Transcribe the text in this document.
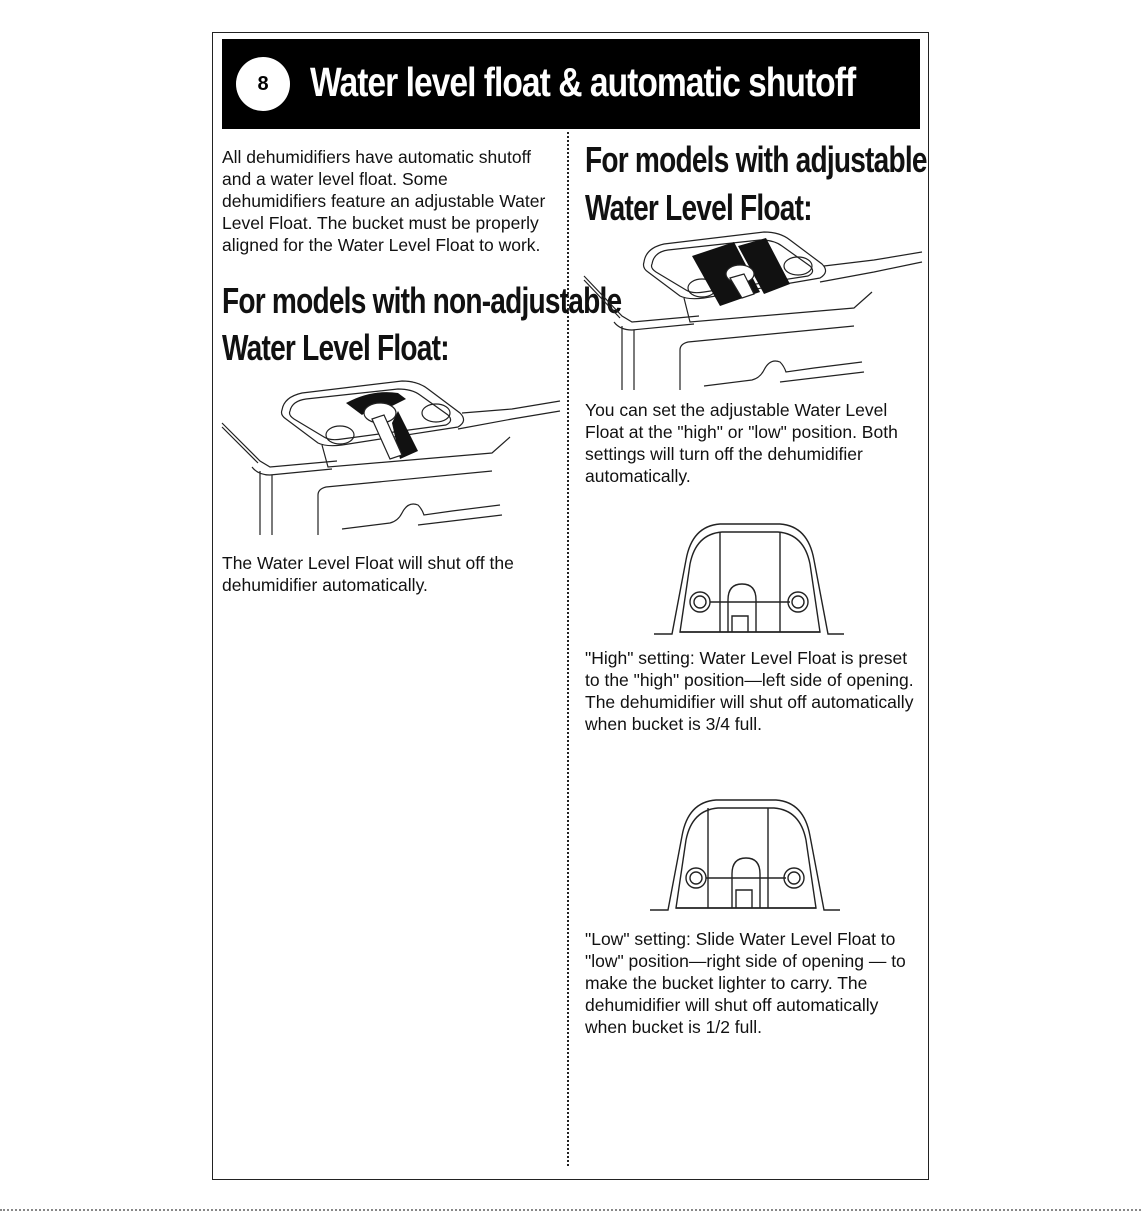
8	Water level float & automatic shutoff

All dehumidifiers have automatic shutoff and a water level float. Some dehumidifiers feature an adjustable Water Level Float. The bucket must be properly aligned for the Water Level Float to work.

For models with non-adjustable
Water Level Float:

The Water Level Float will shut off the dehumidifier automatically.

For models with adjustable
Water Level Float:

You can set the adjustable Water Level Float at the "high" or "low" position. Both settings will turn off the dehumidifier automatically.

"High" setting: Water Level Float is preset to the "high" position—left side of opening. The dehumidifier will shut off automatically when bucket is 3/4 full.

"Low" setting: Slide Water Level Float to "low" position—right side of opening — to make the bucket lighter to carry. The dehumidifier will shut off automatically when bucket is 1/2 full.
